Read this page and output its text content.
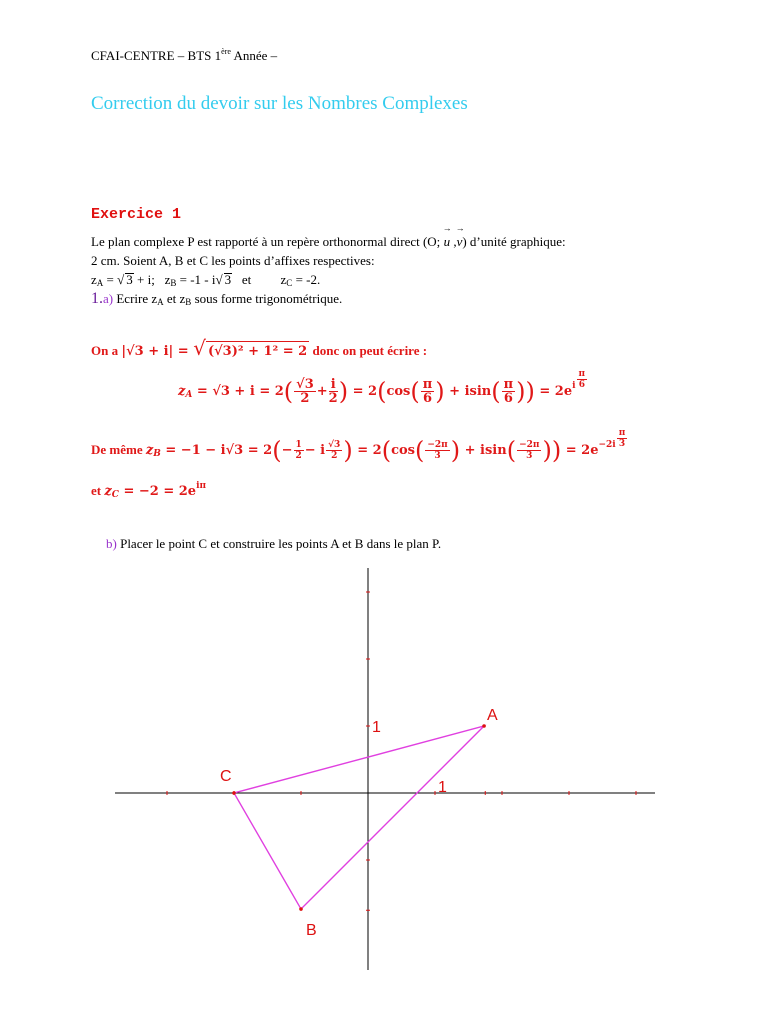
CFAI-CENTRE – BTS 1ère Année –
Correction du devoir sur les Nombres Complexes
Exercice 1
Le plan complexe P est rapporté à un repère orthonormal direct (O; → u ,→ v) d’unité graphique:
2 cm. Soient A, B et C les points d’affixes respectives:
zA = √ 3 + i; zB = -1 - i√ 3 et zC = -2.
1.a) Ecrire zA et zB sous forme trigonométrique.
On a |√3 + i| = √ (√3)² + 1² = 2 donc on peut écrire :
zA = $√3 + i = 2( \frac{√3}{2} + \frac{i}{2}$ ) = $2(\cos( \frac{\pi}{6}$ ) + $isin( \frac{\pi}{6}$ )) = $2e^i \frac{\pi}{6}$
De même zB = $-1 - i√3 = 2(- \frac{1}{2} - i \frac{√3}{2}$ ) = $2(\cos( \frac{-2\pi}{3}$ ) + $isin( \frac{-2\pi}{3}$ )) = $2e^{-2i} \frac{\pi}{3}$
et zC = $-2 = 2e^{i\pi}$
b) Placer le point C et construire les points A et B dans le plan P.
A
B
C
1
1
